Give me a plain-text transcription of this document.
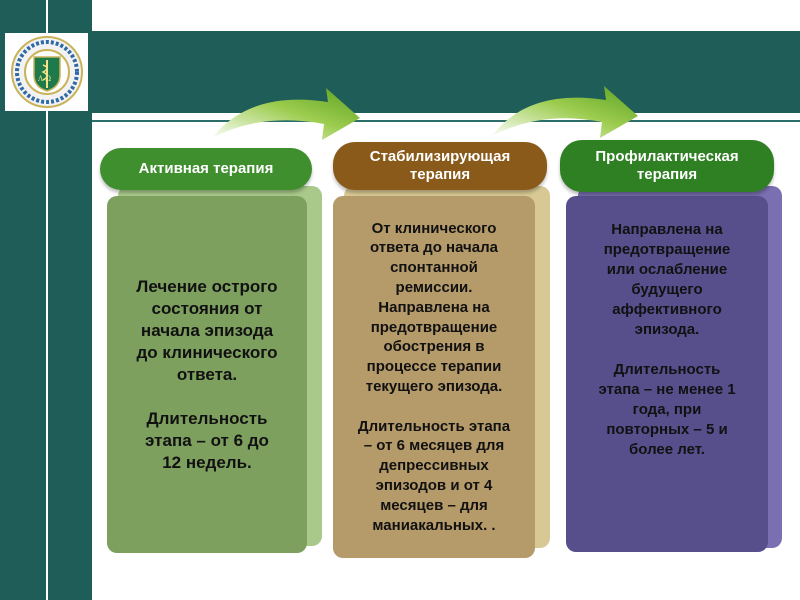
Λ Ω
Лечение острого
состояния от
начала эпизода
до клинического
ответа.

Длительность
этапа – от 6 до
12 недель.
Активная терапия
От клинического
ответа до начала
спонтанной
ремиссии.
Направлена на
предотвращение
обострения в
процессе терапии
текущего эпизода.

Длительность этапа
– от 6 месяцев для
депрессивных
эпизодов и от 4
месяцев – для
маниакальных. .
Стабилизирующая
терапия
Направлена на
предотвращение
или ослабление
будущего
аффективного
эпизода.

Длительность
этапа – не менее 1
года, при
повторных – 5 и
более лет.
Профилактическая
терапия
